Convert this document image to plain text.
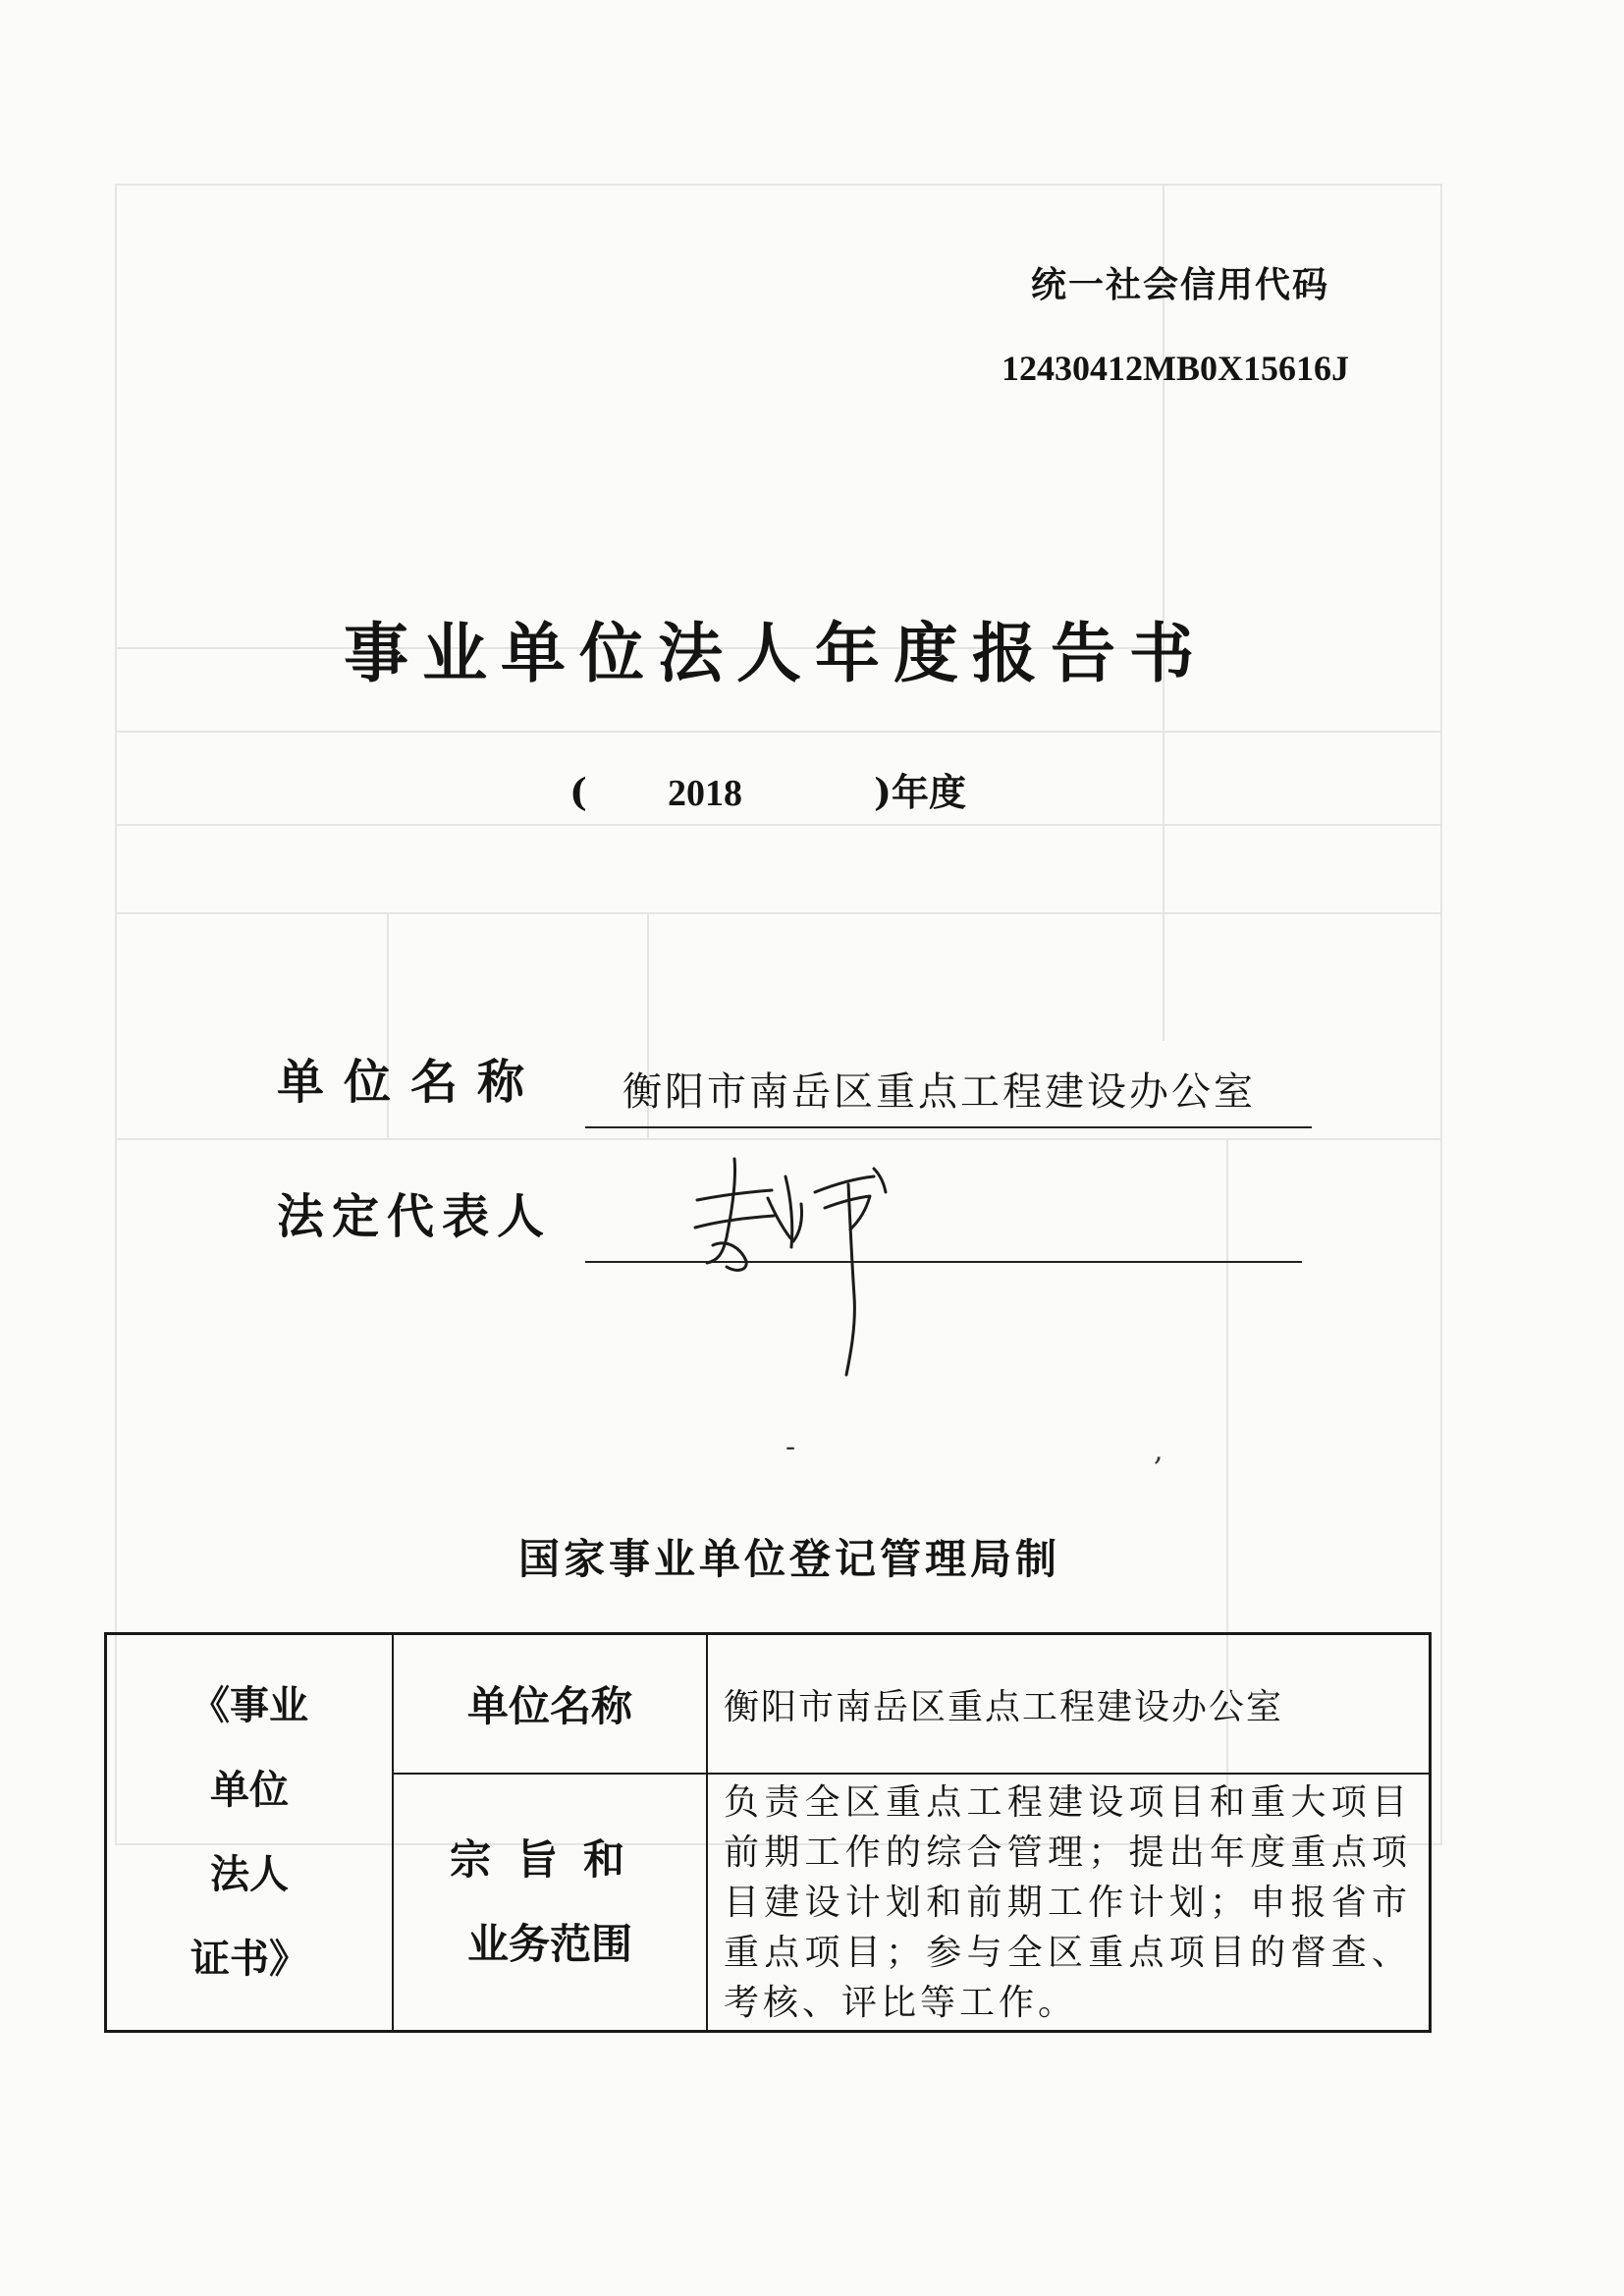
统一社会信用代码
12430412MB0X15616J
事业单位法人年度报告书
( 2018	)年度
单位名称 衡阳市南岳区重点工程建设办公室
法定代表人
-	,
国家事业单位登记管理局制
《事业
单位
法人
证书》	单位名称	衡阳市南岳区重点工程建设办公室

	宗旨和
业务范围	负责全区重点工程建设项目和重大项目前期工作的综合管理；提出年度重点项目建设计划和前期工作计划；申报省市重点项目；参与全区重点项目的督查、考核、评比等工作。
